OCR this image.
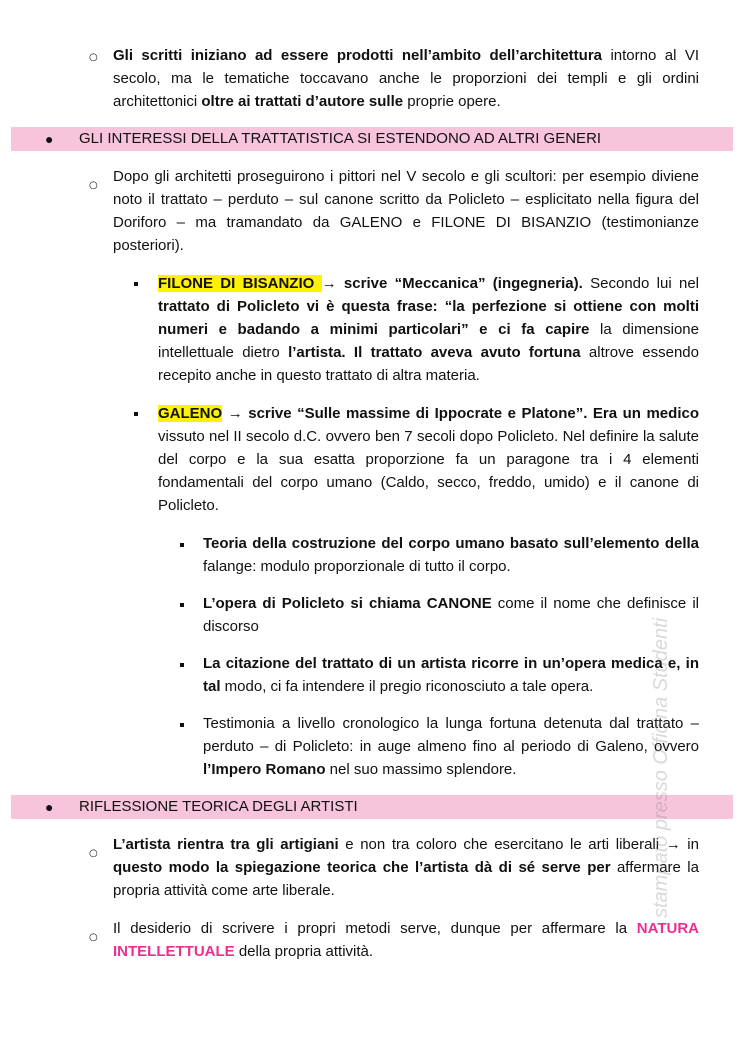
○ Gli scritti iniziano ad essere prodotti nell’ambito dell’architettura intorno al VI secolo, ma le tematiche toccavano anche le proporzioni dei templi e gli ordini architettonici oltre ai trattati d’autore sulle proprie opere.
● GLI INTERESSI DELLA TRATTATISTICA SI ESTENDONO AD ALTRI GENERI
○
Dopo gli architetti proseguirono i pittori nel V secolo e gli scultori: per esempio diviene noto il trattato – perduto – sul canone scritto da Policleto – esplicitato nella figura del Doriforo – ma tramandato da GALENO e FILONE DI BISANZIO (testimonianze posteriori).
FILONE DI BISANZIO → scrive “Meccanica” (ingegneria). Secondo lui nel trattato di Policleto vi è questa frase: “la perfezione si ottiene con molti numeri e badando a minimi particolari” e ci fa capire la dimensione intellettuale dietro l’artista. Il trattato aveva avuto fortuna altrove essendo recepito anche in questo trattato di altra materia.
GALENO → scrive “Sulle massime di Ippocrate e Platone”. Era un medico vissuto nel II secolo d.C. ovvero ben 7 secoli dopo Policleto. Nel definire la salute del corpo e la sua esatta proporzione fa un paragone tra i 4 elementi fondamentali del corpo umano (Caldo, secco, freddo, umido) e il canone di Policleto.
Teoria della costruzione del corpo umano basato sull’elemento della falange: modulo proporzionale di tutto il corpo.
L’opera di Policleto si chiama CANONE come il nome che definisce il discorso
La citazione del trattato di un artista ricorre in un’opera medica e, in tal modo, ci fa intendere il pregio riconosciuto a tale opera.
Testimonia a livello cronologico la lunga fortuna detenuta dal trattato – perduto – di Policleto: in auge almeno fino al periodo di Galeno, ovvero l’Impero Romano nel suo massimo splendore.
● RIFLESSIONE TEORICA DEGLI ARTISTI
○
L’artista rientra tra gli artigiani e non tra coloro che esercitano le arti liberali → in questo modo la spiegazione teorica che l’artista dà di sé serve per affermare la propria attività come arte liberale.
○
Il desiderio di scrivere i propri metodi serve, dunque per affermare la NATURA INTELLETTUALE della propria attività.
stampato presso Officina Studenti
